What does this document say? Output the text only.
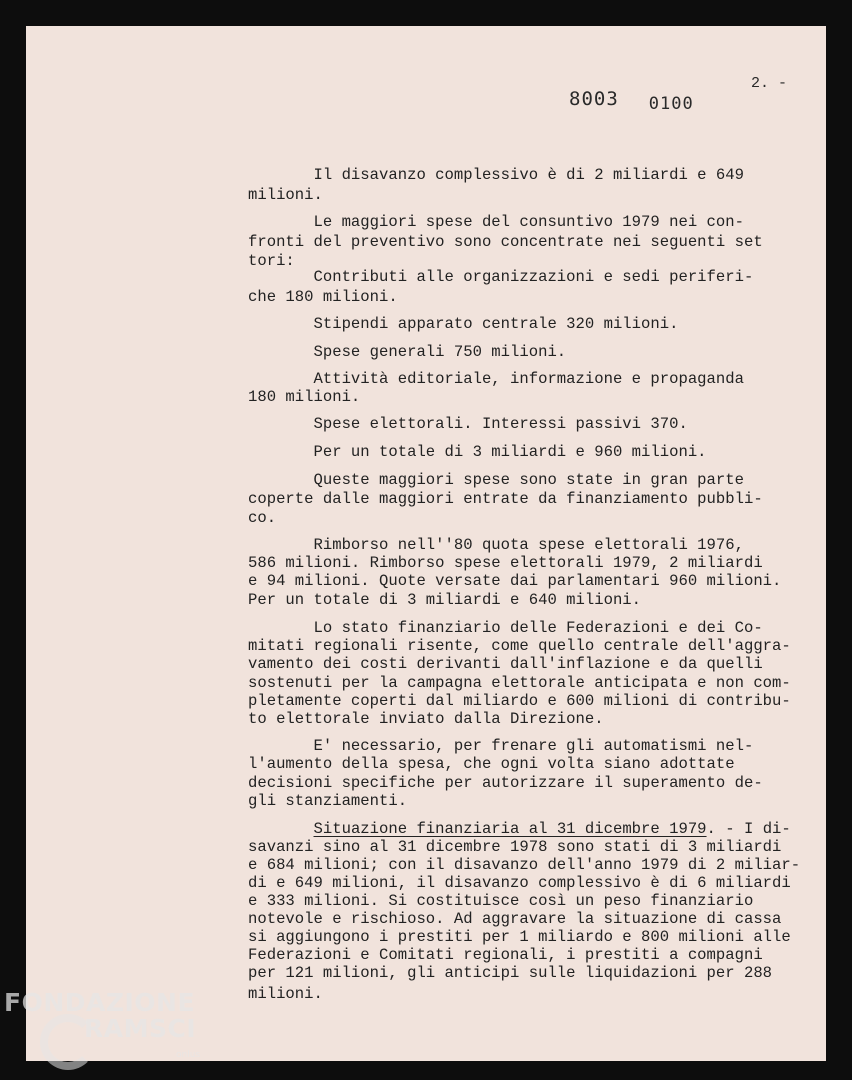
8003 0100
2. -
Il disavanzo complessivo è di 2 miliardi e 649
milioni.
Le maggiori spese del consuntivo 1979 nei con-
fronti del preventivo sono concentrate nei seguenti set
tori:
Contributi alle organizzazioni e sedi periferi-
che 180 milioni.
Stipendi apparato centrale 320 milioni.
Spese generali 750 milioni.
Attività editoriale, informazione e propaganda
180 milioni.
Spese elettorali. Interessi passivi 370.
Per un totale di 3 miliardi e 960 milioni.
Queste maggiori spese sono state in gran parte
coperte dalle maggiori entrate da finanziamento pubbli-
co.
Rimborso nell''80 quota spese elettorali 1976,
586 milioni. Rimborso spese elettorali 1979, 2 miliardi
e 94 milioni. Quote versate dai parlamentari 960 milioni.
Per un totale di 3 miliardi e 640 milioni.
Lo stato finanziario delle Federazioni e dei Co-
mitati regionali risente, come quello centrale dell'aggra-
vamento dei costi derivanti dall'inflazione e da quelli
sostenuti per la campagna elettorale anticipata e non com-
pletamente coperti dal miliardo e 600 milioni di contribu-
to elettorale inviato dalla Direzione.
E' necessario, per frenare gli automatismi nel-
l'aumento della spesa, che ogni volta siano adottate
decisioni specifiche per autorizzare il superamento de-
gli stanziamenti.
Situazione finanziaria al 31 dicembre 1979. - I di-
savanzi sino al 31 dicembre 1978 sono stati di 3 miliardi
e 684 milioni; con il disavanzo dell'anno 1979 di 2 miliar-
di e 649 milioni, il disavanzo complessivo è di 6 miliardi
e 333 milioni. Si costituisce così un peso finanziario
notevole e rischioso. Ad aggravare la situazione di cassa
si aggiungono i prestiti per 1 miliardo e 800 milioni alle
Federazioni e Comitati regionali, i prestiti a compagni
per 121 milioni, gli anticipi sulle liquidazioni per 288
milioni.
FONDAZIONE
RAMSCI
onlus
